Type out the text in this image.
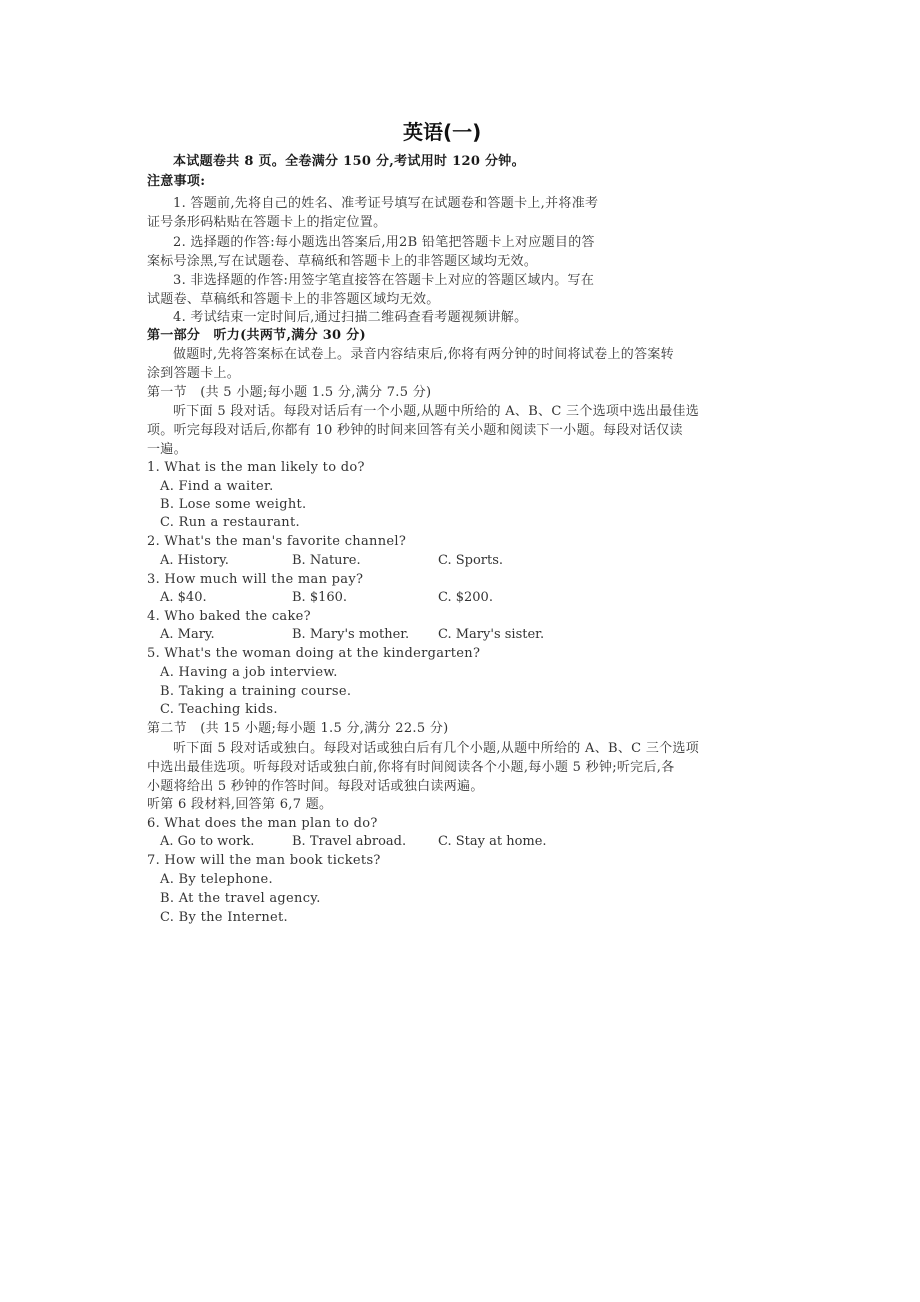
英语(一)
本试题卷共 8 页。全卷满分 150 分,考试用时 120 分钟。
注意事项:
1. 答题前,先将自己的姓名、准考证号填写在试题卷和答题卡上,并将准考
证号条形码粘贴在答题卡上的指定位置。
2. 选择题的作答:每小题选出答案后,用2B 铅笔把答题卡上对应题目的答
案标号涂黑,写在试题卷、草稿纸和答题卡上的非答题区域均无效。
3. 非选择题的作答:用签字笔直接答在答题卡上对应的答题区域内。写在
试题卷、草稿纸和答题卡上的非答题区域均无效。
4. 考试结束一定时间后,通过扫描二维码查看考题视频讲解。
第一部分　听力(共两节,满分 30 分)
做题时,先将答案标在试卷上。录音内容结束后,你将有两分钟的时间将试卷上的答案转
涂到答题卡上。
第一节　(共 5 小题;每小题 1.5 分,满分 7.5 分)
听下面 5 段对话。每段对话后有一个小题,从题中所给的 A、B、C 三个选项中选出最佳选
项。听完每段对话后,你都有 10 秒钟的时间来回答有关小题和阅读下一小题。每段对话仅读
一遍。
1. What is the man likely to do?
A. Find a waiter.
B. Lose some weight.
C. Run a restaurant.
2. What's the man's favorite channel?
A. History.	B. Nature.	C. Sports.
3. How much will the man pay?
A. $40.	B. $160.	C. $200.
4. Who baked the cake?
A. Mary.	B. Mary's mother. C. Mary's sister.
5. What's the woman doing at the kindergarten?
A. Having a job interview.
B. Taking a training course.
C. Teaching kids.
第二节　(共 15 小题;每小题 1.5 分,满分 22.5 分)
听下面 5 段对话或独白。每段对话或独白后有几个小题,从题中所给的 A、B、C 三个选项
中选出最佳选项。听每段对话或独白前,你将有时间阅读各个小题,每小题 5 秒钟;听完后,各
小题将给出 5 秒钟的作答时间。每段对话或独白读两遍。
听第 6 段材料,回答第 6,7 题。
6. What does the man plan to do?
A. Go to work.	B. Travel abroad. C. Stay at home.
7. How will the man book tickets?
A. By telephone.
B. At the travel agency.
C. By the Internet.
